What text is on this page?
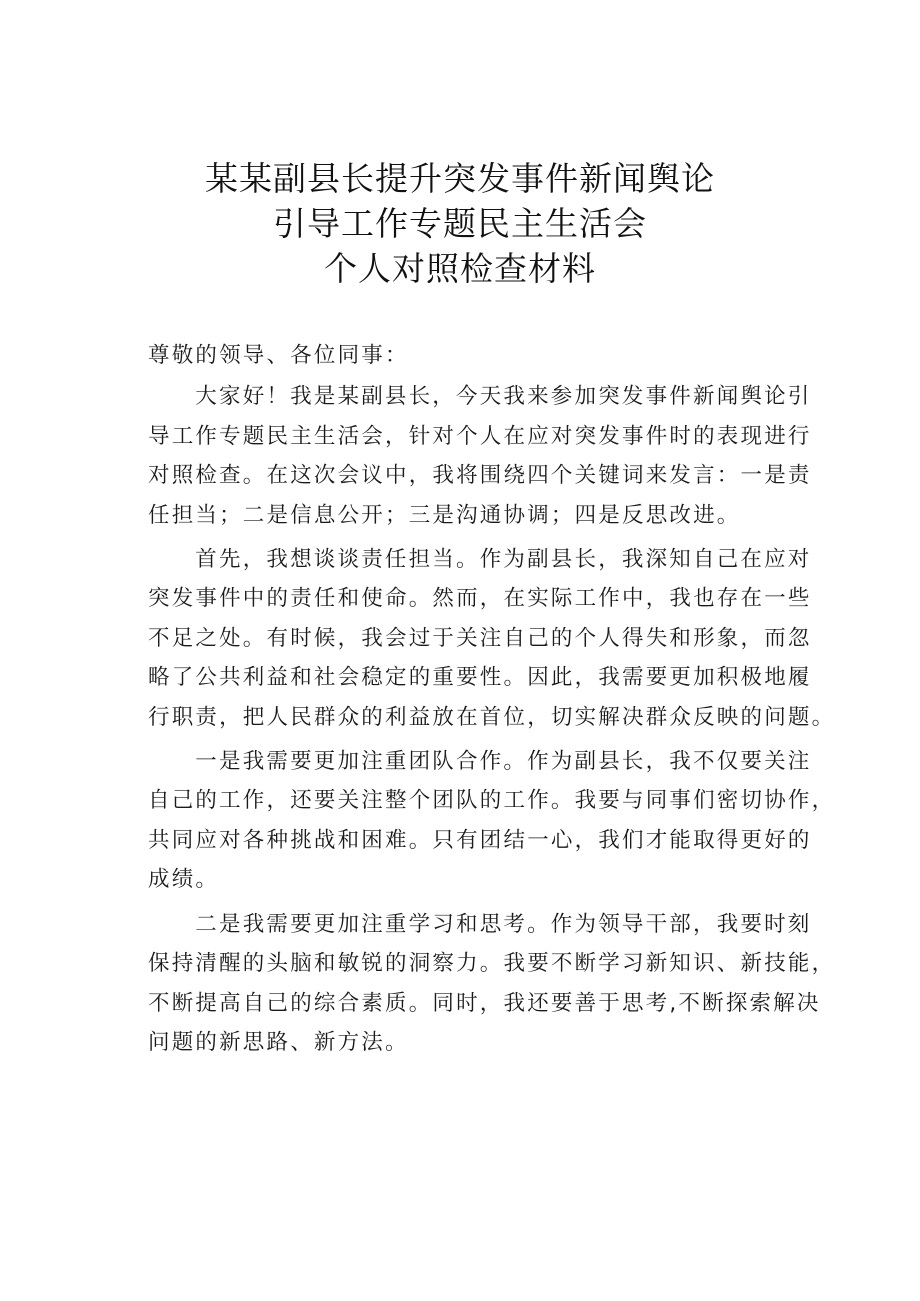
某某副县长提升突发事件新闻舆论
引导工作专题民主生活会
个人对照检查材料
尊敬的领导、各位同事：
大家好！我是某副县长，今天我来参加突发事件新闻舆论引
导工作专题民主生活会，针对个人在应对突发事件时的表现进行
对照检查。在这次会议中，我将围绕四个关键词来发言：一是责
任担当；二是信息公开；三是沟通协调；四是反思改进。
首先，我想谈谈责任担当。作为副县长，我深知自己在应对
突发事件中的责任和使命。然而，在实际工作中，我也存在一些
不足之处。有时候，我会过于关注自己的个人得失和形象，而忽
略了公共利益和社会稳定的重要性。因此，我需要更加积极地履
行职责，把人民群众的利益放在首位，切实解决群众反映的问题。
一是我需要更加注重团队合作。作为副县长，我不仅要关注
自己的工作，还要关注整个团队的工作。我要与同事们密切协作，
共同应对各种挑战和困难。只有团结一心，我们才能取得更好的
成绩。
二是我需要更加注重学习和思考。作为领导干部，我要时刻
保持清醒的头脑和敏锐的洞察力。我要不断学习新知识、新技能，
不断提高自己的综合素质。同时，我还要善于思考,不断探索解决
问题的新思路、新方法。
